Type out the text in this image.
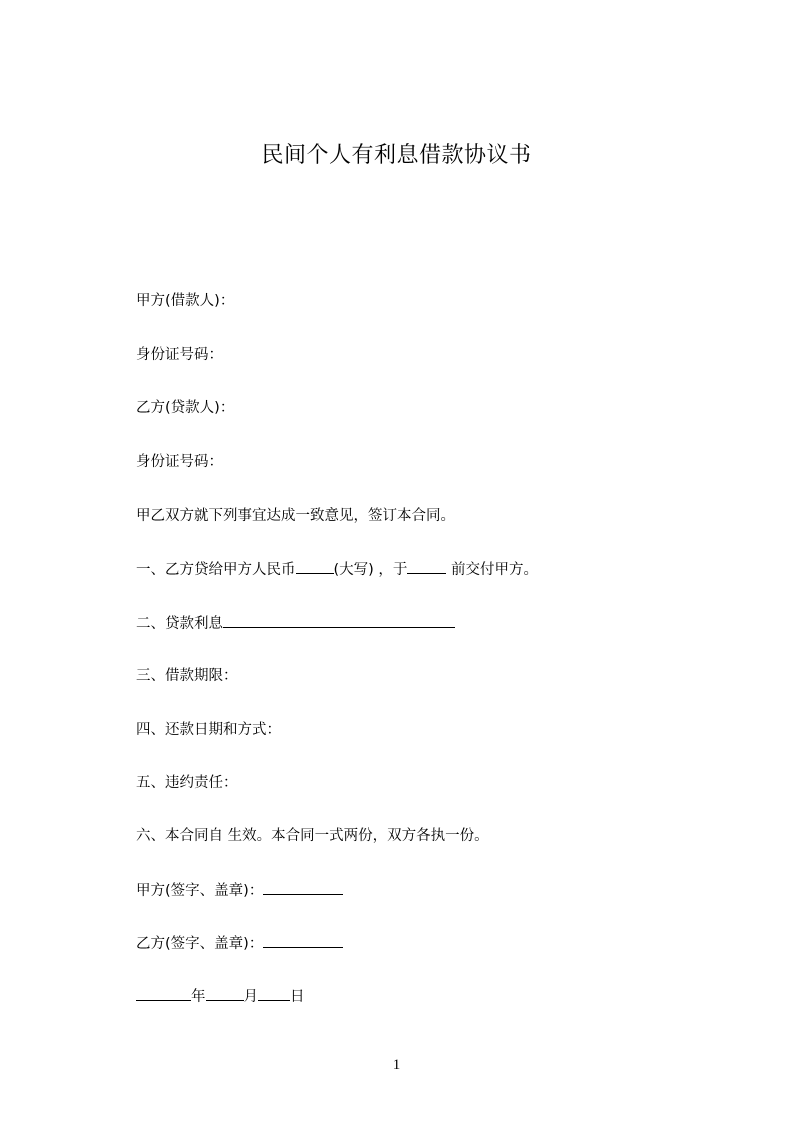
民间个人有利息借款协议书
甲方(借款人)：
身份证号码：
乙方(贷款人)：
身份证号码：
甲乙双方就下列事宜达成一致意见，签订本合同。
一、乙方贷给甲方人民币	(大写) ，于	前交付甲方。
二、贷款利息
三、借款期限：
四、还款日期和方式：
五、违约责任：
六、本合同自 生效。本合同一式两份，双方各执一份。
甲方(签字、盖章)：
乙方(签字、盖章)：
年	月 日
1
